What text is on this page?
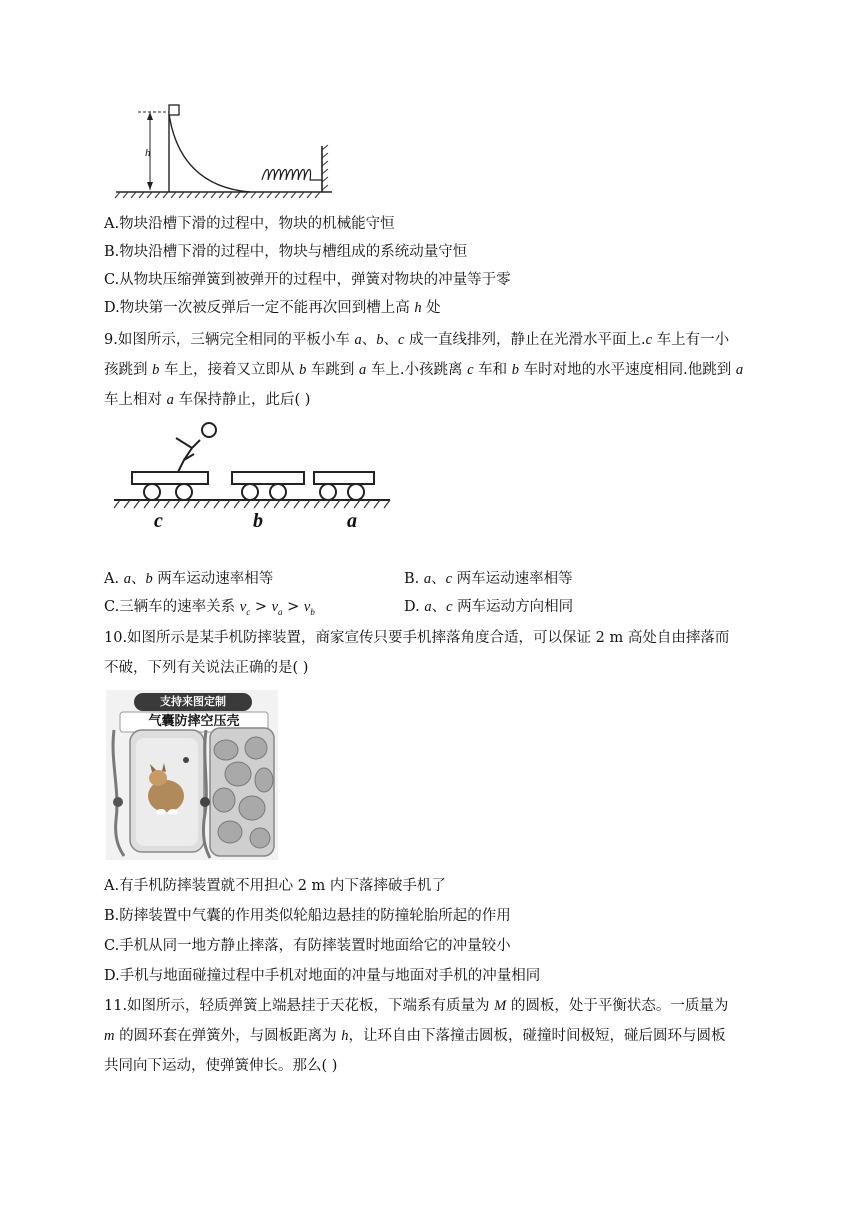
h
A.物块沿槽下滑的过程中，物块的机械能守恒
B.物块沿槽下滑的过程中，物块与槽组成的系统动量守恒
C.从物块压缩弹簧到被弹开的过程中，弹簧对物块的冲量等于零
D.物块第一次被反弹后一定不能再次回到槽上高 h 处
9.如图所示，三辆完全相同的平板小车 a、b、c 成一直线排列，静止在光滑水平面上.c 车上有一小
孩跳到 b 车上，接着又立即从 b 车跳到 a 车上.小孩跳离 c 车和 b 车时对地的水平速度相同.他跳到 a
车上相对 a 车保持静止，此后( )
c	b	a
A. a、b 两车运动速率相等	B. a、c 两车运动速率相等
C.三辆车的速率关系 $v_c > v_a > v_b$	D. a、c 两车运动方向相同
10.如图所示是某手机防摔装置，商家宣传只要手机摔落角度合适，可以保证 2 m 高处自由摔落而
不破，下列有关说法正确的是( )
支持来图定制
气囊防摔空压壳
A.有手机防摔装置就不用担心 2 m 内下落摔破手机了
B.防摔装置中气囊的作用类似轮船边悬挂的防撞轮胎所起的作用
C.手机从同一地方静止摔落，有防摔装置时地面给它的冲量较小
D.手机与地面碰撞过程中手机对地面的冲量与地面对手机的冲量相同
11.如图所示，轻质弹簧上端悬挂于天花板，下端系有质量为 M 的圆板，处于平衡状态。一质量为
m 的圆环套在弹簧外，与圆板距离为 h，让环自由下落撞击圆板，碰撞时间极短，碰后圆环与圆板
共同向下运动，使弹簧伸长。那么( )
